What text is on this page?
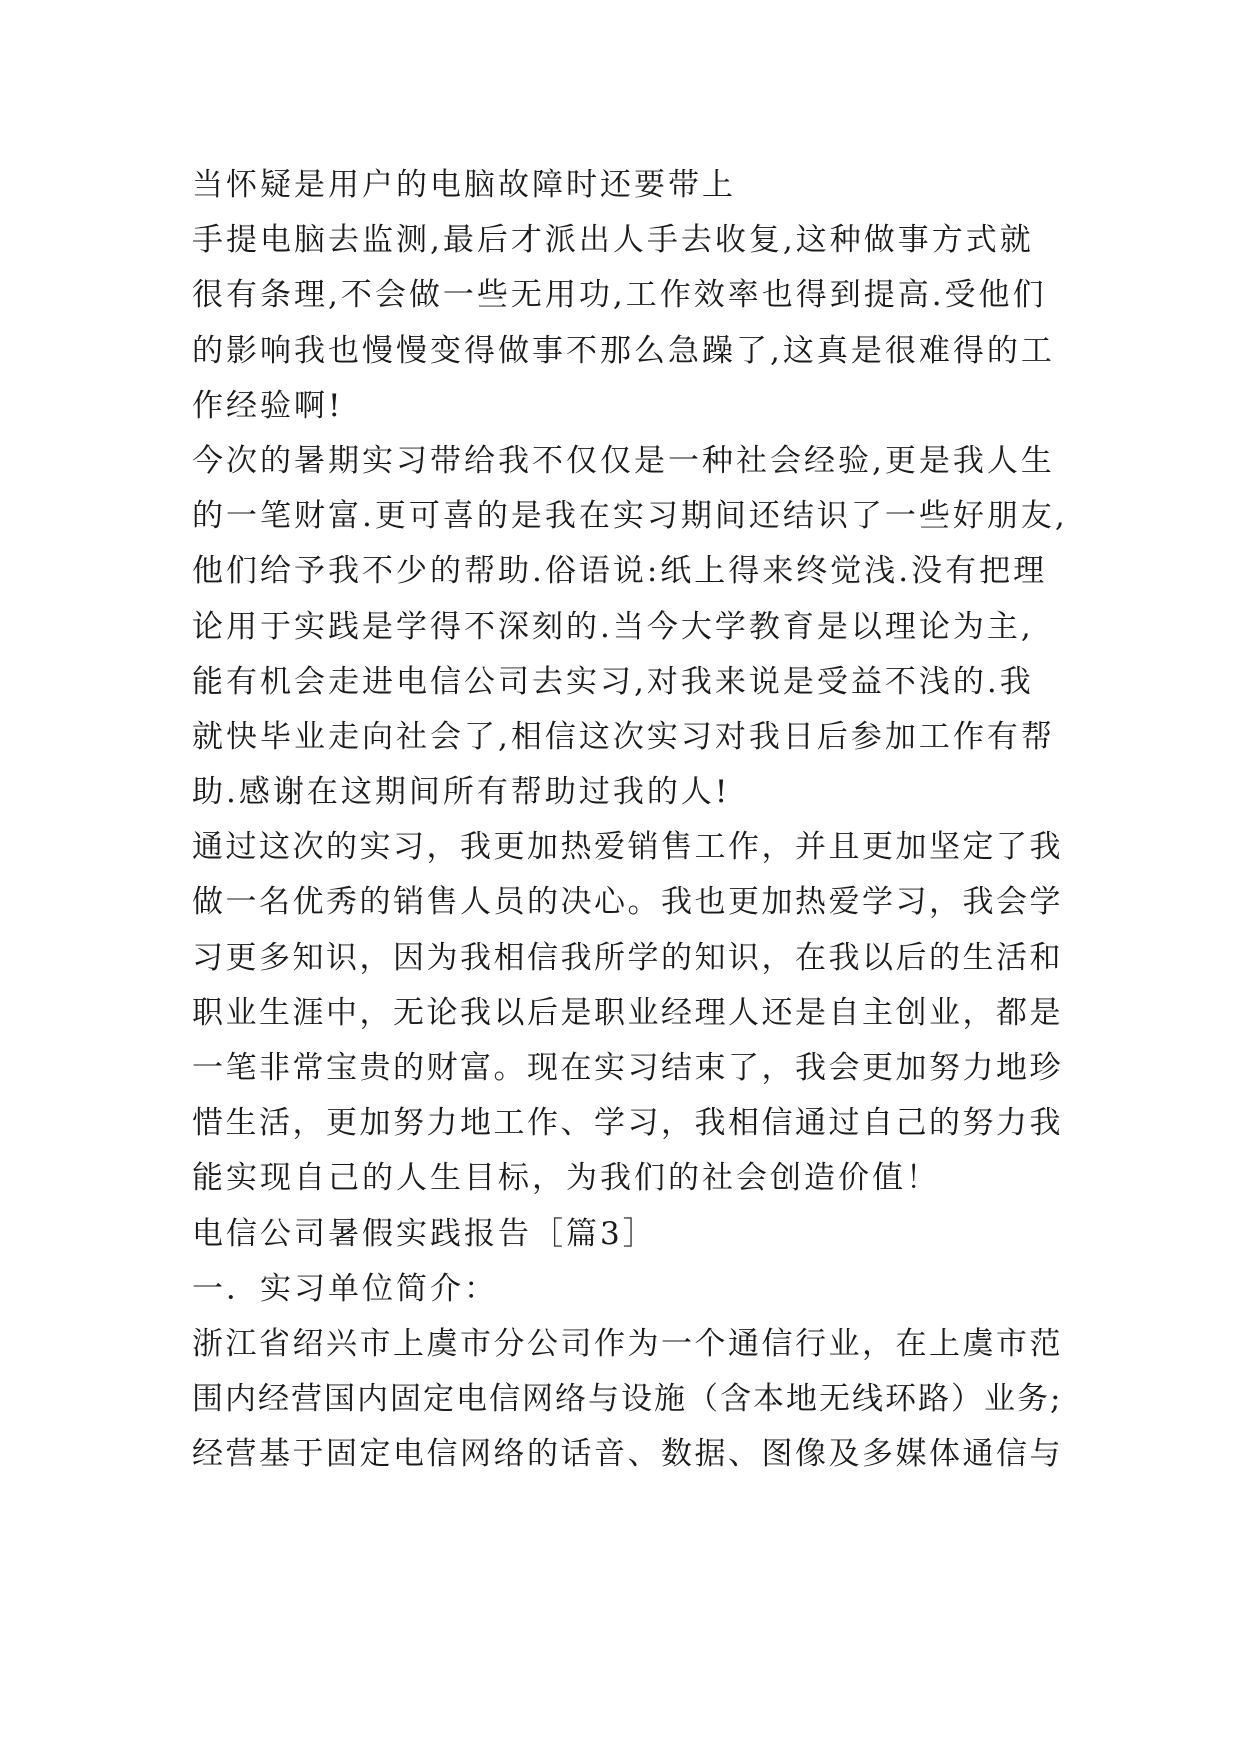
当怀疑是用户的电脑故障时还要带上
手提电脑去监测,最后才派出人手去收复,这种做事方式就
很有条理,不会做一些无用功,工作效率也得到提高.受他们
的影响我也慢慢变得做事不那么急躁了,这真是很难得的工
作经验啊!
今次的暑期实习带给我不仅仅是一种社会经验,更是我人生
的一笔财富.更可喜的是我在实习期间还结识了一些好朋友,
他们给予我不少的帮助.俗语说:纸上得来终觉浅.没有把理
论用于实践是学得不深刻的.当今大学教育是以理论为主,
能有机会走进电信公司去实习,对我来说是受益不浅的.我
就快毕业走向社会了,相信这次实习对我日后参加工作有帮
助.感谢在这期间所有帮助过我的人!
通过这次的实习，我更加热爱销售工作，并且更加坚定了我
做一名优秀的销售人员的决心。我也更加热爱学习，我会学
习更多知识，因为我相信我所学的知识，在我以后的生活和
职业生涯中，无论我以后是职业经理人还是自主创业，都是
一笔非常宝贵的财富。现在实习结束了，我会更加努力地珍
惜生活，更加努力地工作、学习，我相信通过自己的努力我
能实现自己的人生目标，为我们的社会创造价值！
电信公司暑假实践报告［篇3］
一．实习单位简介：
浙江省绍兴市上虞市分公司作为一个通信行业，在上虞市范
围内经营国内固定电信网络与设施（含本地无线环路）业务;
经营基于固定电信网络的话音、数据、图像及多媒体通信与
